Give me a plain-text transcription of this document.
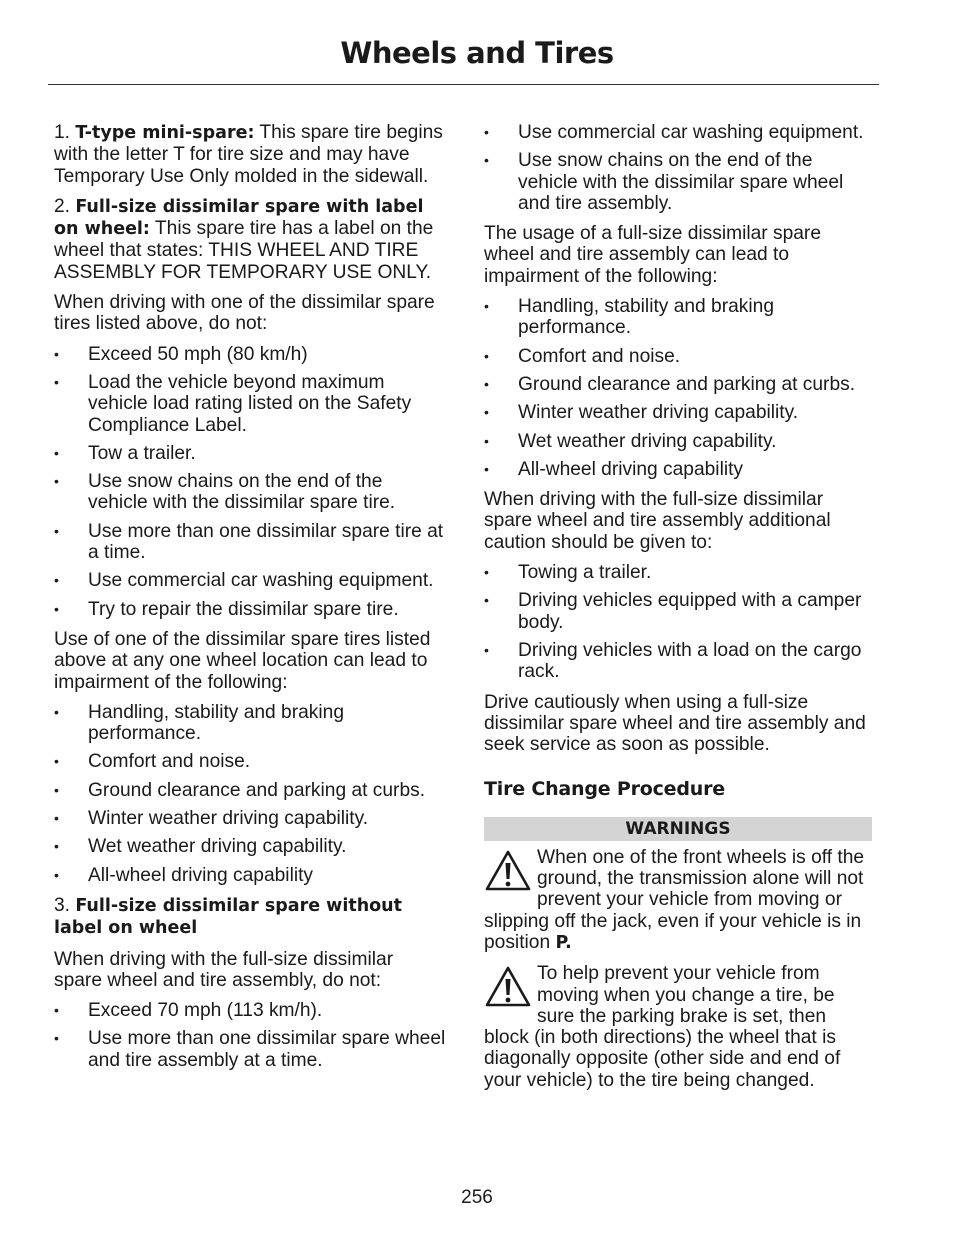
Wheels and Tires

1. T-type mini-spare: This spare tire begins with the letter T for tire size and may have Temporary Use Only molded in the sidewall.

2. Full-size dissimilar spare with label on wheel: This spare tire has a label on the wheel that states: THIS WHEEL AND TIRE ASSEMBLY FOR TEMPORARY USE ONLY.

When driving with one of the dissimilar spare tires listed above, do not:

• Exceed 50 mph (80 km/h)
• Load the vehicle beyond maximum vehicle load rating listed on the Safety Compliance Label.
• Tow a trailer.
• Use snow chains on the end of the vehicle with the dissimilar spare tire.
• Use more than one dissimilar spare tire at a time.
• Use commercial car washing equipment.
• Try to repair the dissimilar spare tire.

Use of one of the dissimilar spare tires listed above at any one wheel location can lead to impairment of the following:

• Handling, stability and braking performance.
• Comfort and noise.
• Ground clearance and parking at curbs.
• Winter weather driving capability.
• Wet weather driving capability.
• All-wheel driving capability

3. Full-size dissimilar spare without label on wheel

When driving with the full-size dissimilar spare wheel and tire assembly, do not:

• Exceed 70 mph (113 km/h).
• Use more than one dissimilar spare wheel and tire assembly at a time.
• Use commercial car washing equipment.
• Use snow chains on the end of the vehicle with the dissimilar spare wheel and tire assembly.

The usage of a full-size dissimilar spare wheel and tire assembly can lead to impairment of the following:

• Handling, stability and braking performance.
• Comfort and noise.
• Ground clearance and parking at curbs.
• Winter weather driving capability.
• Wet weather driving capability.
• All-wheel driving capability

When driving with the full-size dissimilar spare wheel and tire assembly additional caution should be given to:

• Towing a trailer.
• Driving vehicles equipped with a camper body.
• Driving vehicles with a load on the cargo rack.

Drive cautiously when using a full-size dissimilar spare wheel and tire assembly and seek service as soon as possible.

Tire Change Procedure
WARNINGS
When one of the front wheels is off the ground, the transmission alone will not prevent your vehicle from moving or slipping off the jack, even if your vehicle is in position P.
To help prevent your vehicle from moving when you change a tire, be sure the parking brake is set, then block (in both directions) the wheel that is diagonally opposite (other side and end of your vehicle) to the tire being changed.
256
